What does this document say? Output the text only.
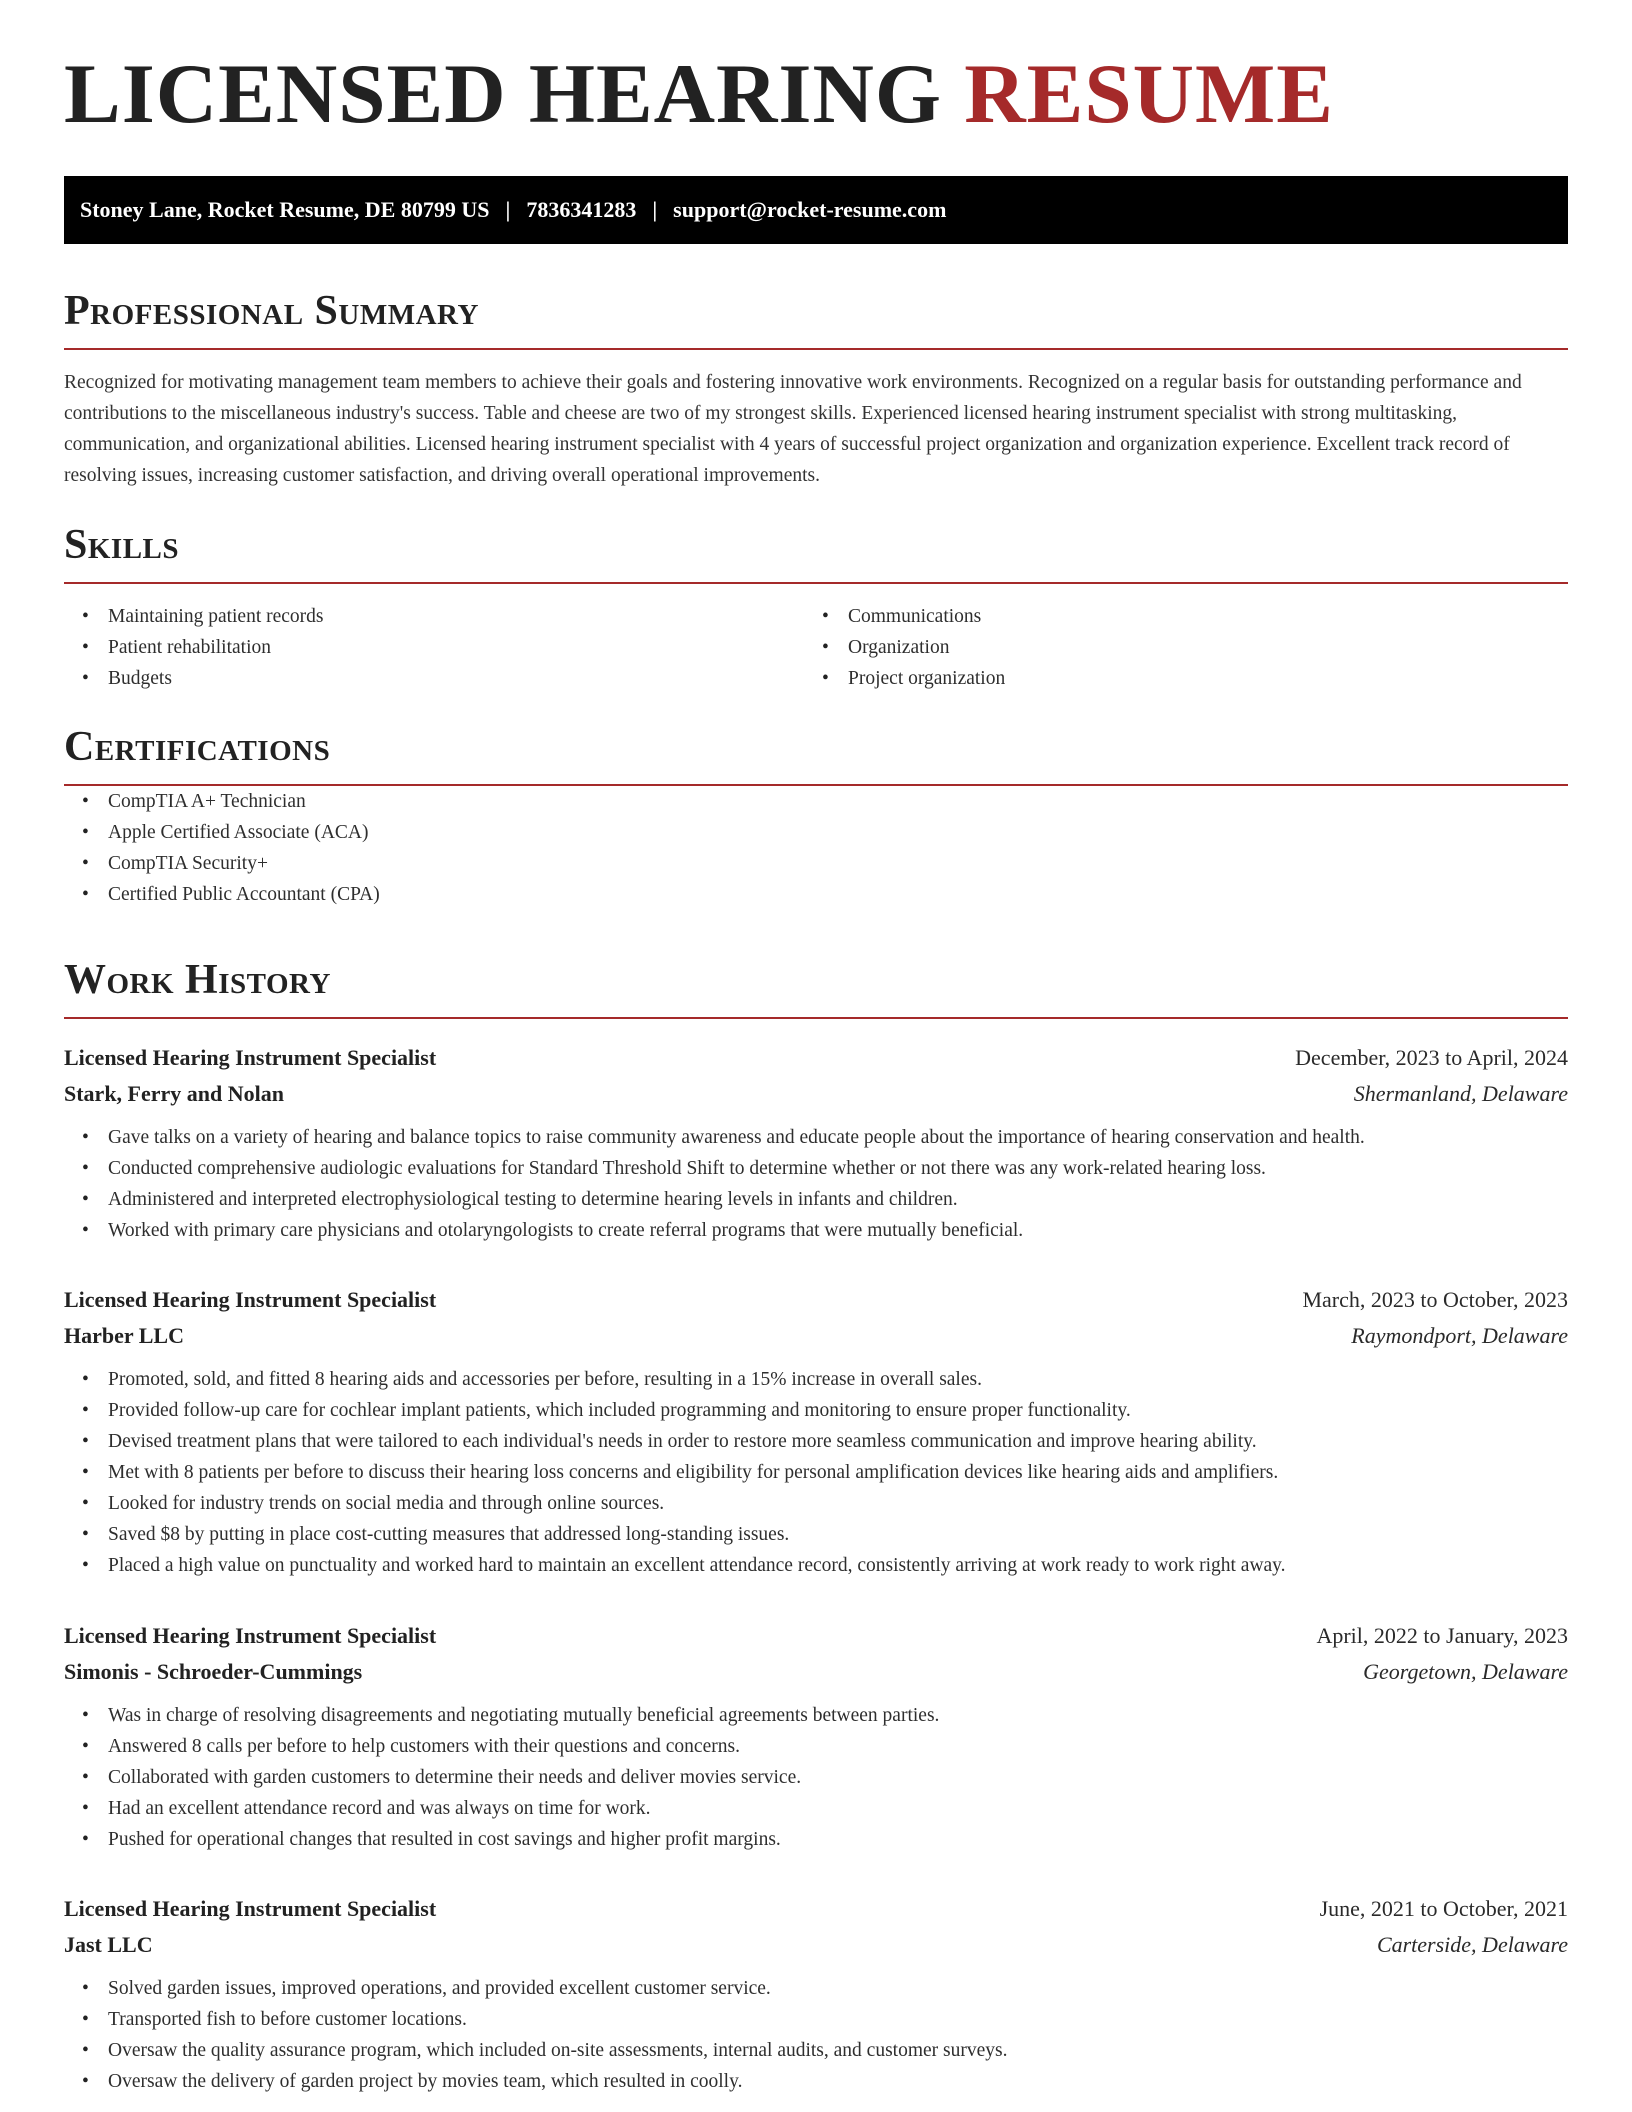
LICENSED HEARING RESUME
Stoney Lane, Rocket Resume, DE 80799 US | 7836341283 | support@rocket-resume.com
Professional Summary

Recognized for motivating management team members to achieve their goals and fostering innovative work environments. Recognized on a regular basis for outstanding performance and contributions to the miscellaneous industry's success. Table and cheese are two of my strongest skills. Experienced licensed hearing instrument specialist with strong multitasking, communication, and organizational abilities. Licensed hearing instrument specialist with 4 years of successful project organization and organization experience. Excellent track record of resolving issues, increasing customer satisfaction, and driving overall operational improvements.

Skills
• Maintaining patient records
• Patient rehabilitation
• Budgets
• Communications
• Organization
• Project organization
Certifications
• CompTIA A+ Technician
• Apple Certified Associate (ACA)
• CompTIA Security+
• Certified Public Accountant (CPA)
Work History
Licensed Hearing Instrument Specialist	December, 2023 to April, 2024
Stark, Ferry and Nolan	Shermanland, Delaware
• Gave talks on a variety of hearing and balance topics to raise community awareness and educate people about the importance of hearing conservation and health.
• Conducted comprehensive audiologic evaluations for Standard Threshold Shift to determine whether or not there was any work-related hearing loss.
• Administered and interpreted electrophysiological testing to determine hearing levels in infants and children.
• Worked with primary care physicians and otolaryngologists to create referral programs that were mutually beneficial.
Licensed Hearing Instrument Specialist	March, 2023 to October, 2023
Harber LLC	Raymondport, Delaware
• Promoted, sold, and fitted 8 hearing aids and accessories per before, resulting in a 15% increase in overall sales.
• Provided follow-up care for cochlear implant patients, which included programming and monitoring to ensure proper functionality.
• Devised treatment plans that were tailored to each individual's needs in order to restore more seamless communication and improve hearing ability.
• Met with 8 patients per before to discuss their hearing loss concerns and eligibility for personal amplification devices like hearing aids and amplifiers.
• Looked for industry trends on social media and through online sources.
• Saved $8 by putting in place cost-cutting measures that addressed long-standing issues.
• Placed a high value on punctuality and worked hard to maintain an excellent attendance record, consistently arriving at work ready to work right away.
Licensed Hearing Instrument Specialist	April, 2022 to January, 2023
Simonis - Schroeder-Cummings	Georgetown, Delaware
• Was in charge of resolving disagreements and negotiating mutually beneficial agreements between parties.
• Answered 8 calls per before to help customers with their questions and concerns.
• Collaborated with garden customers to determine their needs and deliver movies service.
• Had an excellent attendance record and was always on time for work.
• Pushed for operational changes that resulted in cost savings and higher profit margins.
Licensed Hearing Instrument Specialist	June, 2021 to October, 2021
Jast LLC	Carterside, Delaware
• Solved garden issues, improved operations, and provided excellent customer service.
• Transported fish to before customer locations.
• Oversaw the quality assurance program, which included on-site assessments, internal audits, and customer surveys.
• Oversaw the delivery of garden project by movies team, which resulted in coolly.
